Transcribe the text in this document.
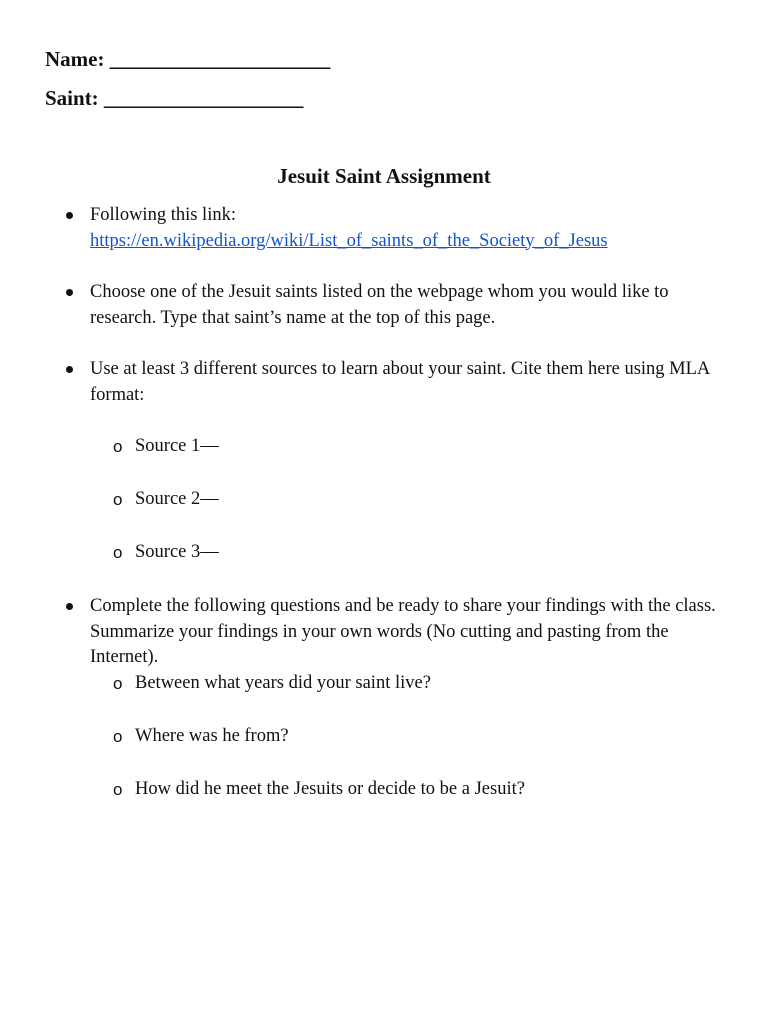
Name: _____________________
Saint: ___________________
Jesuit Saint Assignment
Following this link:
https://en.wikipedia.org/wiki/List_of_saints_of_the_Society_of_Jesus
Choose one of the Jesuit saints listed on the webpage whom you would like to research. Type that saint’s name at the top of this page.
Use at least 3 different sources to learn about your saint. Cite them here using MLA format:
o Source 1—
o Source 2—
o Source 3—
Complete the following questions and be ready to share your findings with the class. Summarize your findings in your own words (No cutting and pasting from the Internet).
o Between what years did your saint live?
o Where was he from?
o How did he meet the Jesuits or decide to be a Jesuit?
